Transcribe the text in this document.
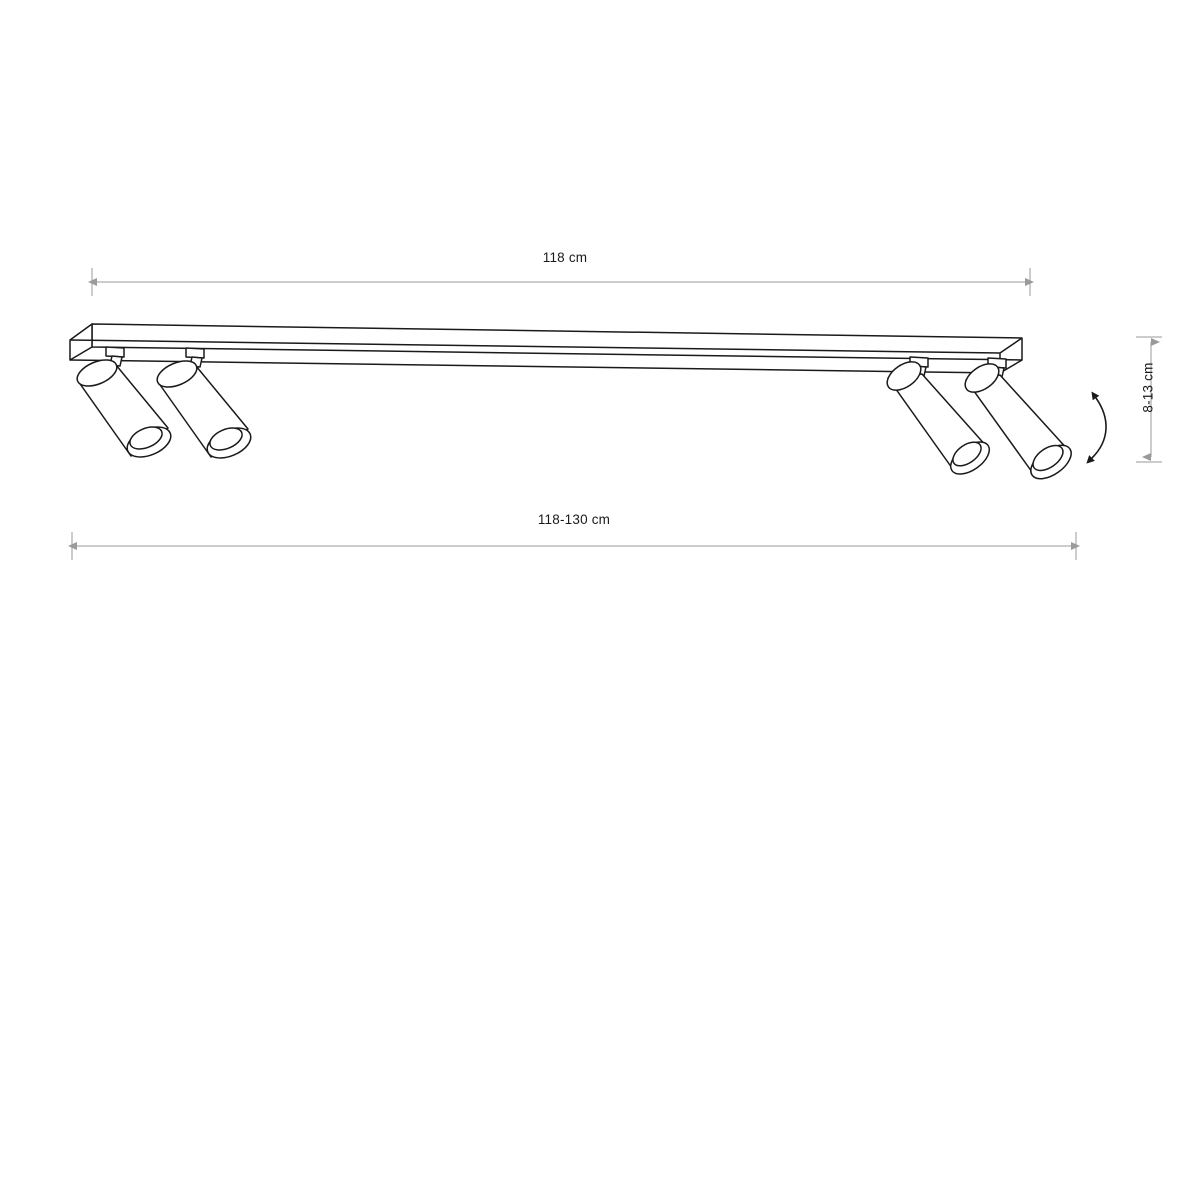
118 cm
118-130 cm
8-13 cm
